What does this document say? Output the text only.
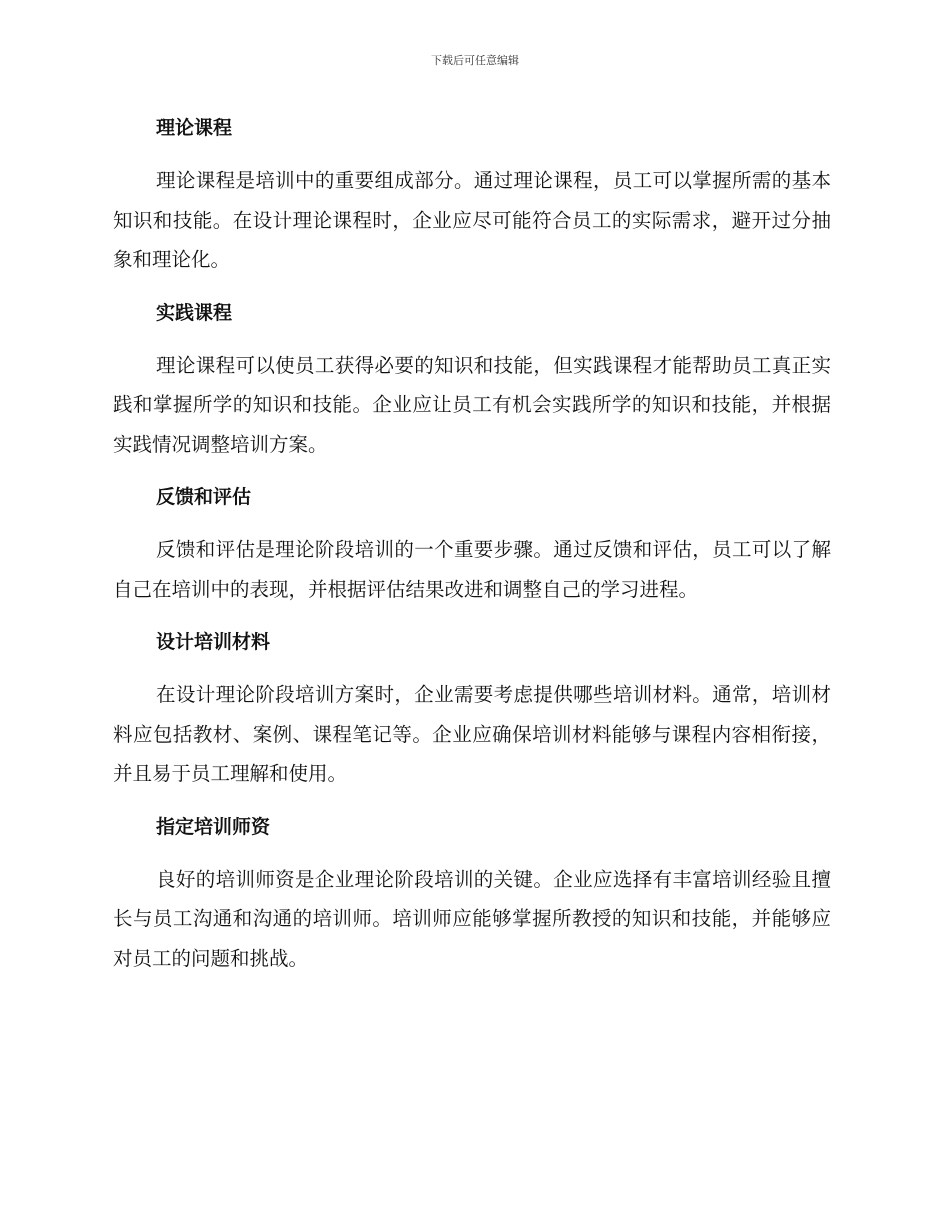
下载后可任意编辑
理论课程

理论课程是培训中的重要组成部分。通过理论课程，员工可以掌握所需的基本知识和技能。在设计理论课程时，企业应尽可能符合员工的实际需求，避开过分抽象和理论化。

实践课程

理论课程可以使员工获得必要的知识和技能，但实践课程才能帮助员工真正实践和掌握所学的知识和技能。企业应让员工有机会实践所学的知识和技能，并根据实践情况调整培训方案。

反馈和评估

反馈和评估是理论阶段培训的一个重要步骤。通过反馈和评估，员工可以了解自己在培训中的表现，并根据评估结果改进和调整自己的学习进程。

设计培训材料

在设计理论阶段培训方案时，企业需要考虑提供哪些培训材料。通常，培训材料应包括教材、案例、课程笔记等。企业应确保培训材料能够与课程内容相衔接，并且易于员工理解和使用。

指定培训师资

良好的培训师资是企业理论阶段培训的关键。企业应选择有丰富培训经验且擅长与员工沟通和沟通的培训师。培训师应能够掌握所教授的知识和技能，并能够应对员工的问题和挑战。
